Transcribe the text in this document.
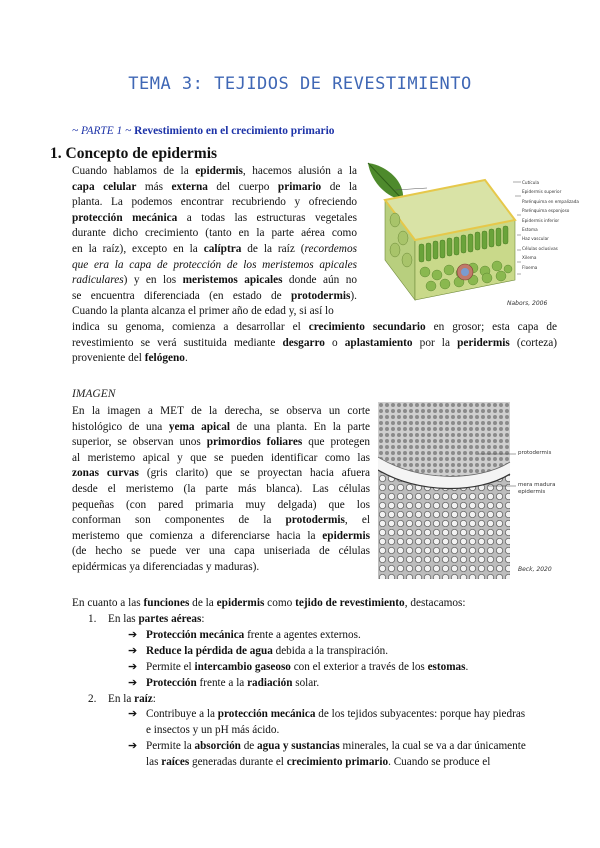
TEMA 3: TEJIDOS DE REVESTIMIENTO
~ PARTE 1 ~ Revestimiento en el crecimiento primario
1. Concepto de epidermis
Cuando hablamos de la epidermis, hacemos alusión a la
capa celular más externa del cuerpo primario de la
planta. La podemos encontrar recubriendo y ofreciendo
protección mecánica a todas las estructuras vegetales
durante dicho crecimiento (tanto en la parte aérea como
en la raíz), excepto en la calíptra de la raíz (recordemos
que era la capa de protección de los meristemos apicales
radiculares) y en los meristemos apicales donde aún no
se encuentra diferenciada (en estado de protodermis).
Cuando la planta alcanza el primer año de edad y, si así lo
indica su genoma, comienza a desarrollar el crecimiento secundario en grosor; esta capa de
revestimiento se verá sustituida mediante desgarro o aplastamiento por la peridermis (corteza)
proveniente del felógeno.
Cutícula
Epidermis superior
Parénquima en empalizada
Parénquima esponjoso
Epidermis inferior
Estoma
Haz vascular
Células oclusivas
Xilema
Floema
Nabors, 2006
IMAGEN
En la imagen a MET de la derecha, se observa un corte
histológico de una yema apical de una planta. En la parte
superior, se observan unos primordios foliares que protegen
al meristemo apical y que se pueden identificar como las
zonas curvas (gris clarito) que se proyectan hacia afuera
desde el meristemo (la parte más blanca). Las células
pequeñas (con pared primaria muy delgada) que los
conforman son componentes de la protodermis, el
meristemo que comienza a diferenciarse hacia la epidermis
(de hecho se puede ver una capa uniseriada de células
epidérmicas ya diferenciadas y maduras).
protodermis
mera madura epidermis
Beck, 2020
En cuanto a las funciones de la epidermis como tejido de revestimiento, destacamos:
1. En las partes aéreas:
➔ Protección mecánica frente a agentes externos.
➔ Reduce la pérdida de agua debida a la transpiración.
➔ Permite el intercambio gaseoso con el exterior a través de los estomas.
➔ Protección frente a la radiación solar.
2. En la raíz:
➔ Contribuye a la protección mecánica de los tejidos subyacentes: porque hay piedras
e insectos y un pH más ácido.
➔ Permite la absorción de agua y sustancias minerales, la cual se va a dar únicamente
las raíces generadas durante el crecimiento primario. Cuando se produce el
